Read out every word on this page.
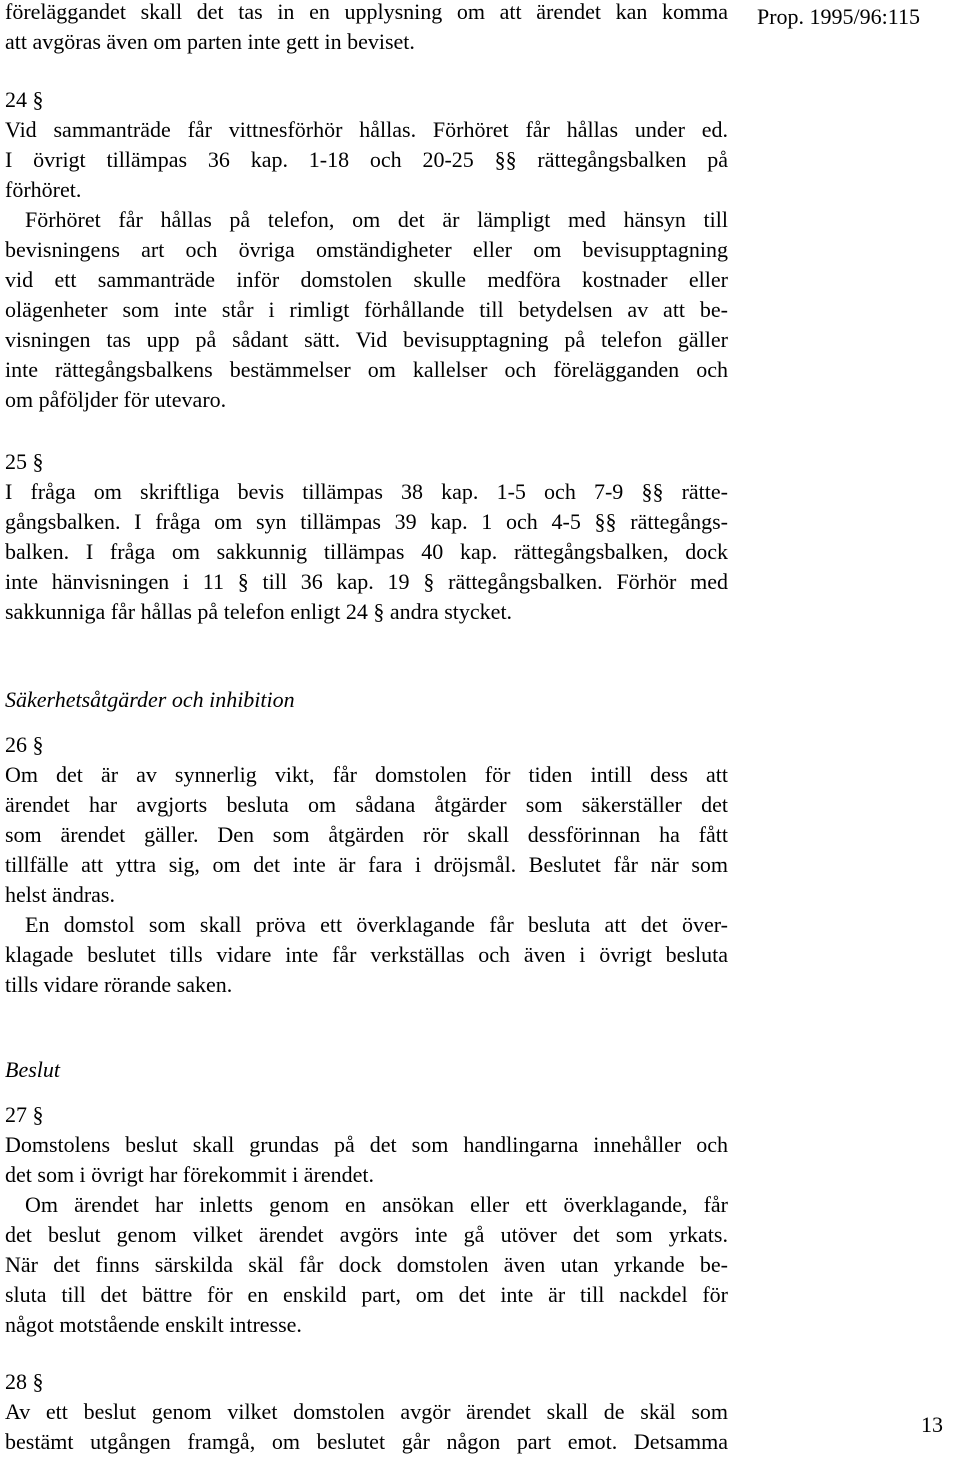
Prop. 1995/96:115

föreläggandet skall det tas in en upplysning om att ärendet kan komma

att avgöras även om parten inte gett in beviset.

24 §

Vid sammanträde får vittnesförhör hållas. Förhöret får hållas under ed.

I övrigt tillämpas 36 kap. 1-18 och 20-25 §§ rättegångsbalken på

förhöret.

Förhöret får hållas på telefon, om det är lämpligt med hänsyn till

bevisningens art och övriga omständigheter eller om bevisupptagning

vid ett sammanträde inför domstolen skulle medföra kostnader eller

olägenheter som inte står i rimligt förhållande till betydelsen av att be-

visningen tas upp på sådant sätt. Vid bevisupptagning på telefon gäller

inte rättegångsbalkens bestämmelser om kallelser och förelägganden och

om påföljder för utevaro.

25 §

I fråga om skriftliga bevis tillämpas 38 kap. 1-5 och 7-9 §§ rätte-

gångsbalken. I fråga om syn tillämpas 39 kap. 1 och 4-5 §§ rättegångs-

balken. I fråga om sakkunnig tillämpas 40 kap. rättegångsbalken, dock

inte hänvisningen i 11 § till 36 kap. 19 § rättegångsbalken. Förhör med

sakkunniga får hållas på telefon enligt 24 § andra stycket.

Säkerhetsåtgärder och inhibition

26 §

Om det är av synnerlig vikt, får domstolen för tiden intill dess att

ärendet har avgjorts besluta om sådana åtgärder som säkerställer det

som ärendet gäller. Den som åtgärden rör skall dessförinnan ha fått

tillfälle att yttra sig, om det inte är fara i dröjsmål. Beslutet får när som

helst ändras.

En domstol som skall pröva ett överklagande får besluta att det över-

klagade beslutet tills vidare inte får verkställas och även i övrigt besluta

tills vidare rörande saken.

Beslut

27 §

Domstolens beslut skall grundas på det som handlingarna innehåller och

det som i övrigt har förekommit i ärendet.

Om ärendet har inletts genom en ansökan eller ett överklagande, får

det beslut genom vilket ärendet avgörs inte gå utöver det som yrkats.

När det finns särskilda skäl får dock domstolen även utan yrkande be-

sluta till det bättre för en enskild part, om det inte är till nackdel för

något motstående enskilt intresse.

28 §

Av ett beslut genom vilket domstolen avgör ärendet skall de skäl som

bestämt utgången framgå, om beslutet går någon part emot. Detsamma

13
